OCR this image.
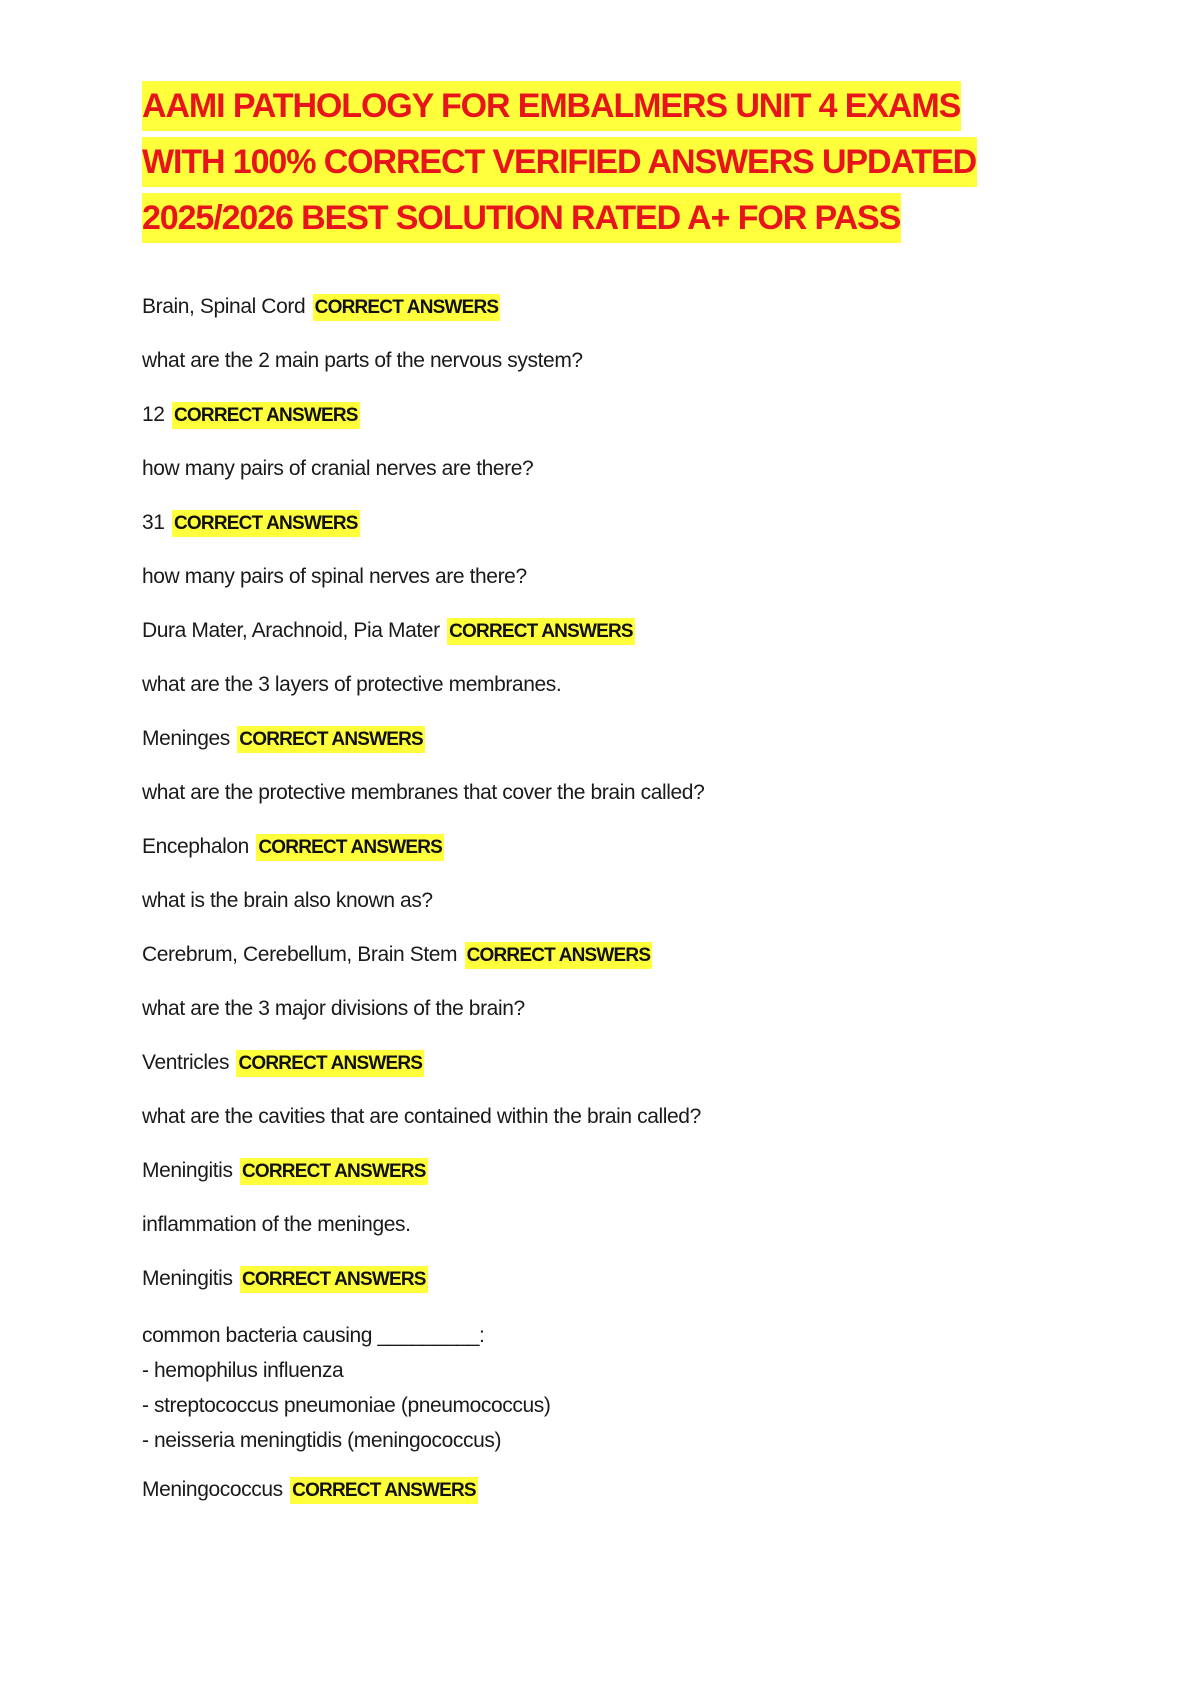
AAMI PATHOLOGY FOR EMBALMERS UNIT 4 EXAMS
WITH 100% CORRECT VERIFIED ANSWERS UPDATED
2025/2026 BEST SOLUTION RATED A+ FOR PASS
Brain, Spinal Cord CORRECT ANSWERS
what are the 2 main parts of the nervous system?
12 CORRECT ANSWERS
how many pairs of cranial nerves are there?
31 CORRECT ANSWERS
how many pairs of spinal nerves are there?
Dura Mater, Arachnoid, Pia Mater CORRECT ANSWERS
what are the 3 layers of protective membranes.
Meninges CORRECT ANSWERS
what are the protective membranes that cover the brain called?
Encephalon CORRECT ANSWERS
what is the brain also known as?
Cerebrum, Cerebellum, Brain Stem CORRECT ANSWERS
what are the 3 major divisions of the brain?
Ventricles CORRECT ANSWERS
what are the cavities that are contained within the brain called?
Meningitis CORRECT ANSWERS
inflammation of the meninges.
Meningitis CORRECT ANSWERS
common bacteria causing _________:
- hemophilus influenza
- streptococcus pneumoniae (pneumococcus)
- neisseria meningtidis (meningococcus)
Meningococcus CORRECT ANSWERS
